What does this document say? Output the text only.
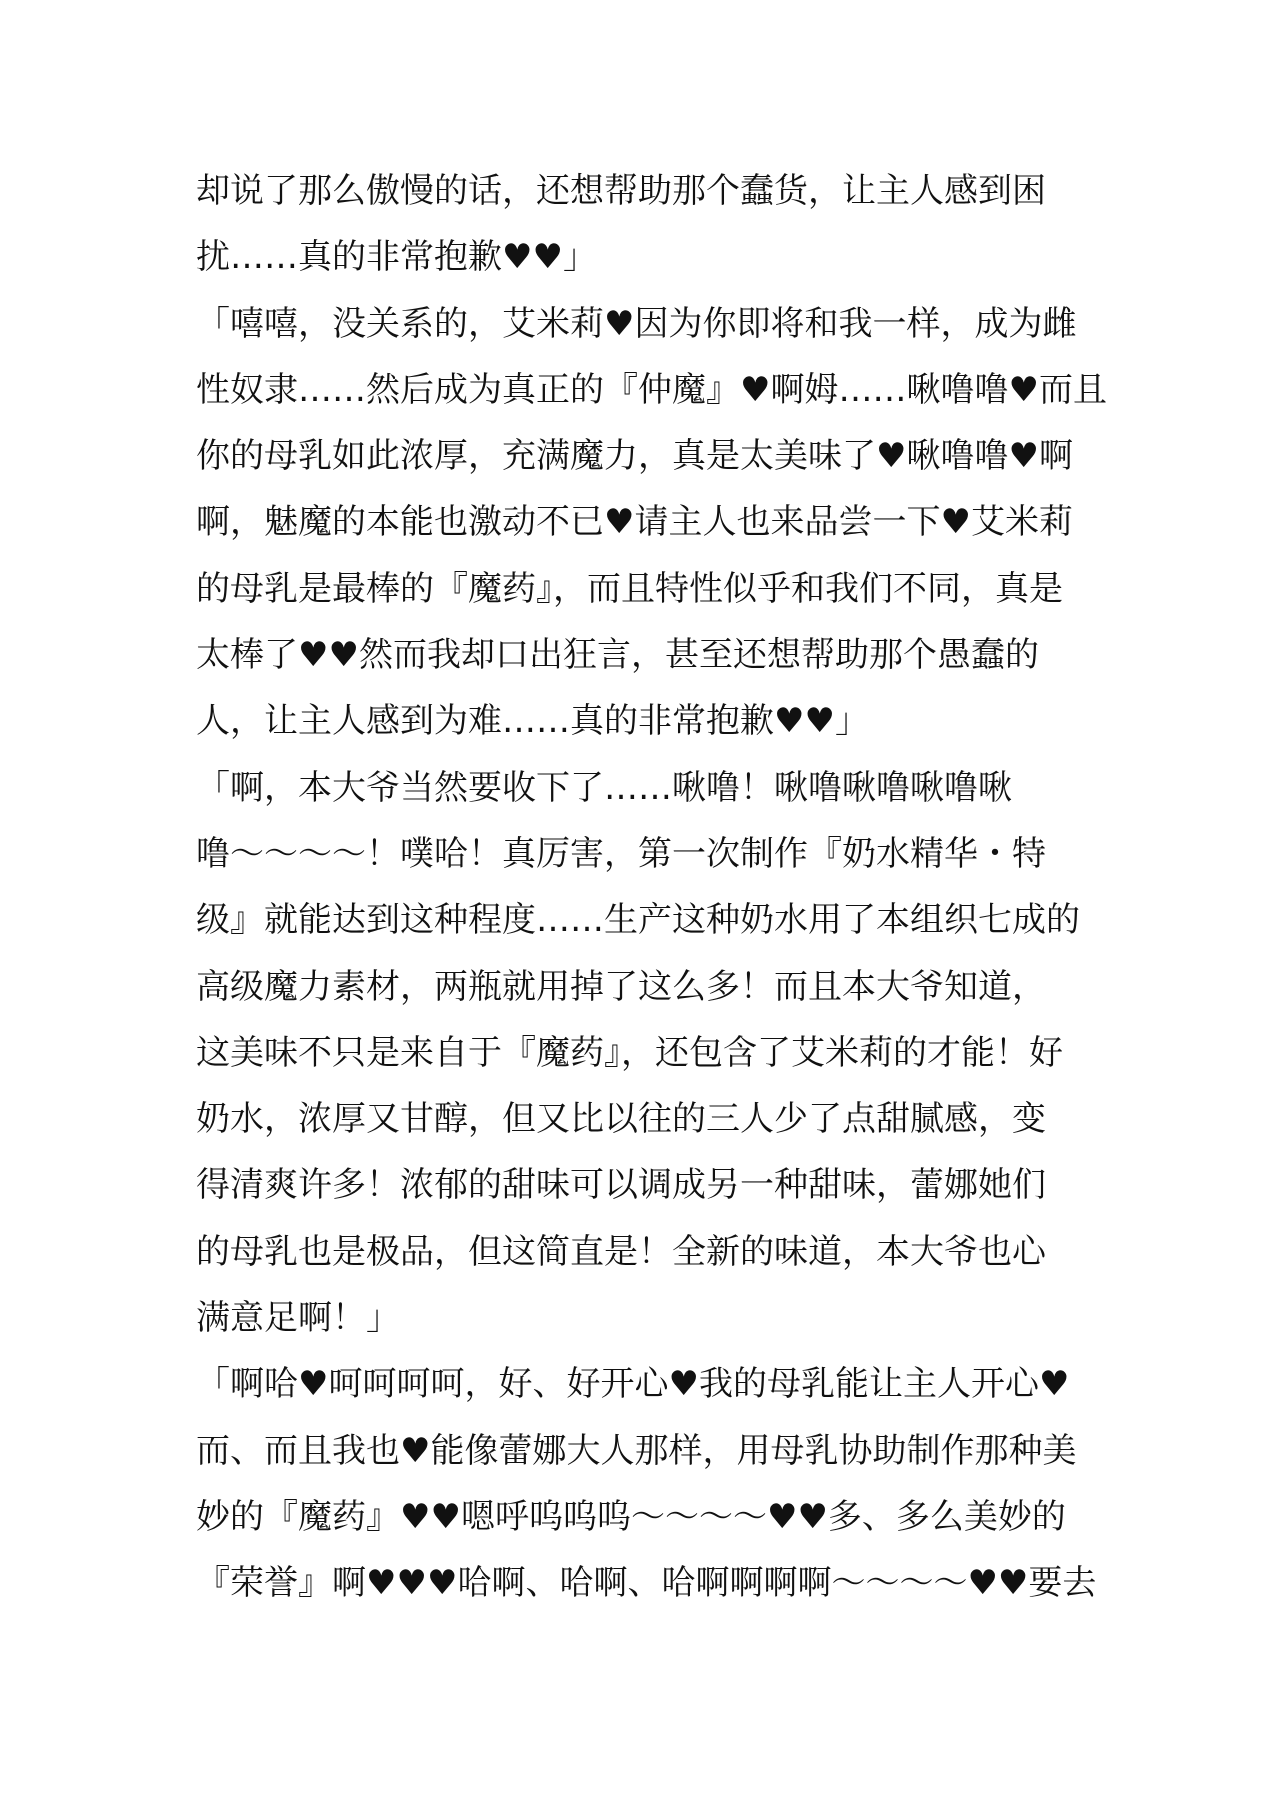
却说了那么傲慢的话，还想帮助那个蠢货，让主人感到困
扰……真的非常抱歉♥♥」
「嘻嘻，没关系的，艾米莉♥因为你即将和我一样，成为雌
性奴隶……然后成为真正的『仲魔』♥啊姆……啾噜噜♥而且
你的母乳如此浓厚，充满魔力，真是太美味了♥啾噜噜♥啊
啊，魅魔的本能也激动不已♥请主人也来品尝一下♥艾米莉
的母乳是最棒的『魔药』，而且特性似乎和我们不同，真是
太棒了♥♥然而我却口出狂言，甚至还想帮助那个愚蠢的
人，让主人感到为难……真的非常抱歉♥♥」
「啊，本大爷当然要收下了……啾噜！啾噜啾噜啾噜啾
噜～～～～！噗哈！真厉害，第一次制作『奶水精华・特
级』就能达到这种程度……生产这种奶水用了本组织七成的
高级魔力素材，两瓶就用掉了这么多！而且本大爷知道，
这美味不只是来自于『魔药』，还包含了艾米莉的才能！好
奶水，浓厚又甘醇，但又比以往的三人少了点甜腻感，变
得清爽许多！浓郁的甜味可以调成另一种甜味，蕾娜她们
的母乳也是极品，但这简直是！全新的味道，本大爷也心
满意足啊！」
「啊哈♥呵呵呵呵，好、好开心♥我的母乳能让主人开心♥
而、而且我也♥能像蕾娜大人那样，用母乳协助制作那种美
妙的『魔药』♥♥嗯呼呜呜呜～～～～♥♥多、多么美妙的
『荣誉』啊♥♥♥哈啊、哈啊、哈啊啊啊啊～～～～♥♥要去
